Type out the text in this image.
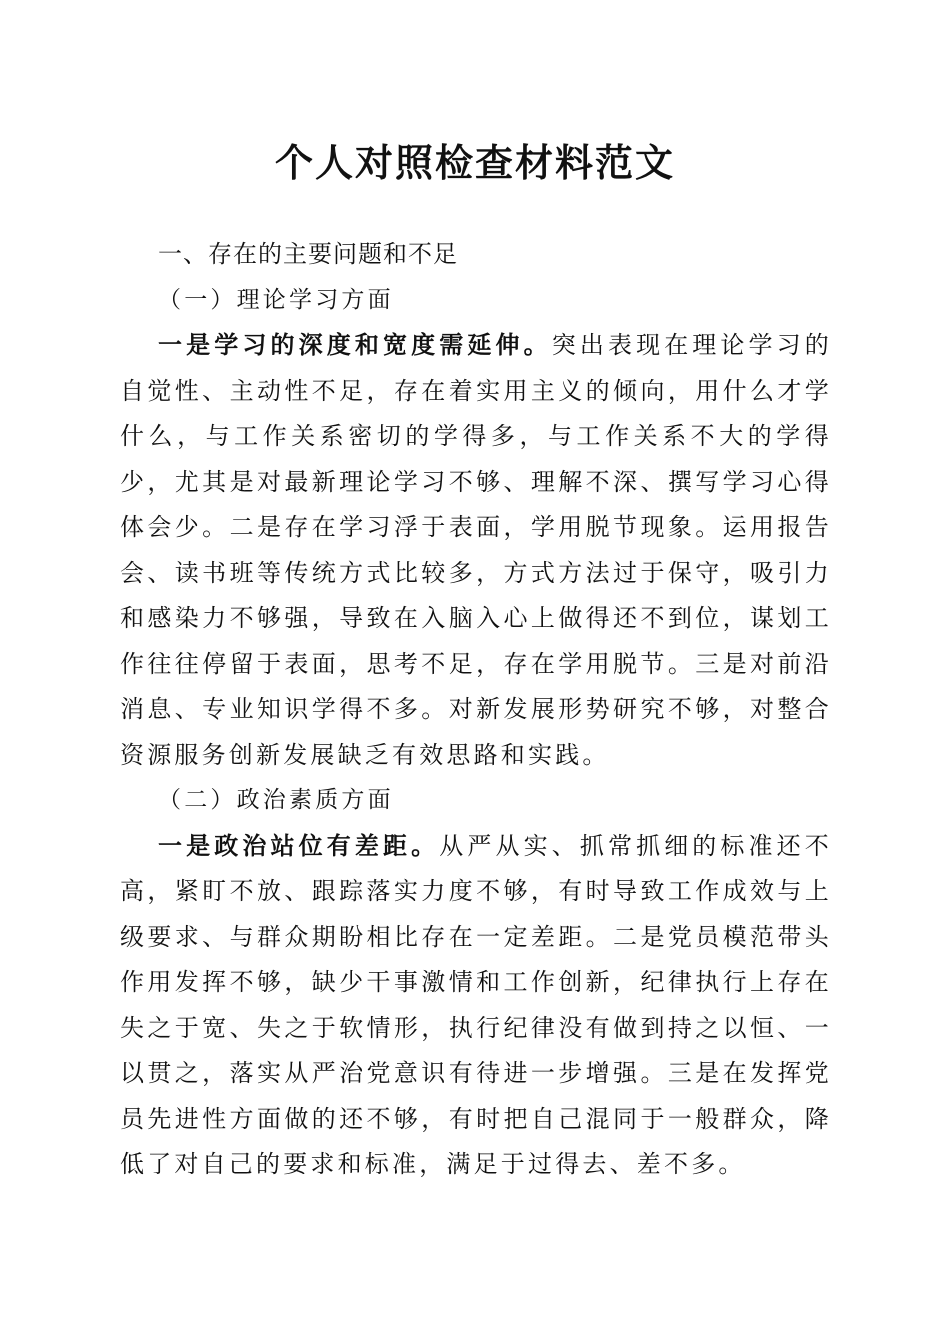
个人对照检查材料范文

一、存在的主要问题和不足

（一）理论学习方面

一是学习的深度和宽度需延伸。突出表现在理论学习的自觉性、主动性不足，存在着实用主义的倾向，用什么才学什么，与工作关系密切的学得多，与工作关系不大的学得少，尤其是对最新理论学习不够、理解不深、撰写学习心得体会少。二是存在学习浮于表面，学用脱节现象。运用报告会、读书班等传统方式比较多，方式方法过于保守，吸引力和感染力不够强，导致在入脑入心上做得还不到位，谋划工作往往停留于表面，思考不足，存在学用脱节。三是对前沿消息、专业知识学得不多。对新发展形势研究不够，对整合资源服务创新发展缺乏有效思路和实践。

（二）政治素质方面

一是政治站位有差距。从严从实、抓常抓细的标准还不高，紧盯不放、跟踪落实力度不够，有时导致工作成效与上级要求、与群众期盼相比存在一定差距。二是党员模范带头作用发挥不够，缺少干事激情和工作创新，纪律执行上存在失之于宽、失之于软情形，执行纪律没有做到持之以恒、一以贯之，落实从严治党意识有待进一步增强。三是在发挥党员先进性方面做的还不够，有时把自己混同于一般群众，降低了对自己的要求和标准，满足于过得去、差不多。
